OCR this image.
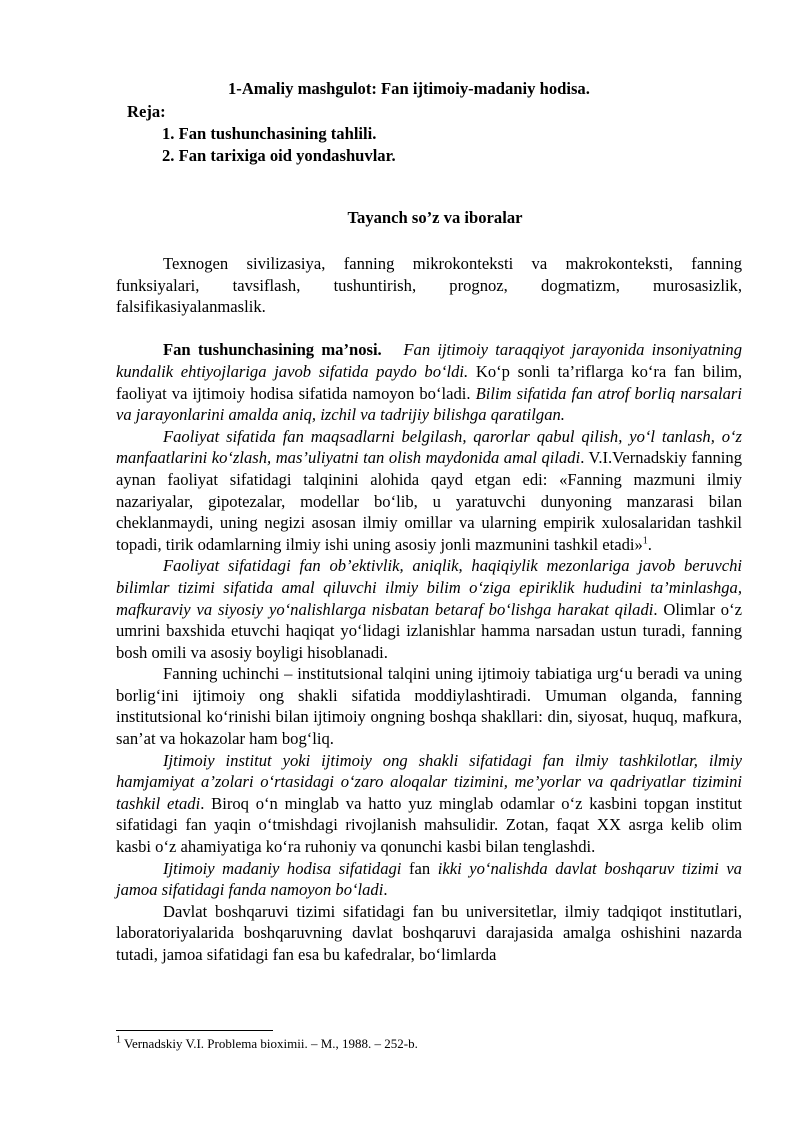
1-Amaliy mashgulot: Fan ijtimoiy-madaniy hodisa.
Reja:
1. Fan tushunchasining tahlili.
2. Fan tarixiga oid yondashuvlar.
Tayanch so’z va iboralar

Texnogen sivilizasiya, fanning mikrokonteksti va makrokonteksti, fanning funksiyalari, tavsiflash, tushuntirish, prognoz, dogmatizm, murosasizlik, falsifikasiyalanmaslik.

Fan tushunchasining ma’nosi. Fan ijtimoiy taraqqiyot jarayonida insoniyatning kundalik ehtiyojlariga javob sifatida paydo bo‘ldi. Ko‘p sonli ta’riflarga ko‘ra fan bilim, faoliyat va ijtimoiy hodisa sifatida namoyon bo‘ladi. Bilim sifatida fan atrof borliq narsalari va jarayonlarini amalda aniq, izchil va tadrijiy bilishga qaratilgan.

Faoliyat sifatida fan maqsadlarni belgilash, qarorlar qabul qilish, yo‘l tanlash, o‘z manfaatlarini ko‘zlash, mas’uliyatni tan olish maydonida amal qiladi. V.I.Vernadskiy fanning aynan faoliyat sifatidagi talqinini alohida qayd etgan edi: «Fanning mazmuni ilmiy nazariyalar, gipotezalar, modellar bo‘lib, u yaratuvchi dunyoning manzarasi bilan cheklanmaydi, uning negizi asosan ilmiy omillar va ularning empirik xulosalaridan tashkil topadi, tirik odamlarning ilmiy ishi uning asosiy jonli mazmunini tashkil etadi»$^1$.

Faoliyat sifatidagi fan ob’ektivlik, aniqlik, haqiqiylik mezonlariga javob beruvchi bilimlar tizimi sifatida amal qiluvchi ilmiy bilim o‘ziga epiriklik hududini ta’minlashga, mafkuraviy va siyosiy yo‘nalishlarga nisbatan betaraf bo‘lishga harakat qiladi. Olimlar o‘z umrini baxshida etuvchi haqiqat yo‘lidagi izlanishlar hamma narsadan ustun turadi, fanning bosh omili va asosiy boyligi hisoblanadi.

Fanning uchinchi – institutsional talqini uning ijtimoiy tabiatiga urg‘u beradi va uning borlig‘ini ijtimoiy ong shakli sifatida moddiylashtiradi. Umuman olganda, fanning institutsional ko‘rinishi bilan ijtimoiy ongning boshqa shakllari: din, siyosat, huquq, mafkura, san’at va hokazolar ham bog‘liq.

Ijtimoiy institut yoki ijtimoiy ong shakli sifatidagi fan ilmiy tashkilotlar, ilmiy hamjamiyat a’zolari o‘rtasidagi o‘zaro aloqalar tizimini, me’yorlar va qadriyatlar tizimini tashkil etadi. Biroq o‘n minglab va hatto yuz minglab odamlar o‘z kasbini topgan institut sifatidagi fan yaqin o‘tmishdagi rivojlanish mahsulidir. Zotan, faqat XX asrga kelib olim kasbi o‘z ahamiyatiga ko‘ra ruhoniy va qonunchi kasbi bilan tenglashdi.

Ijtimoiy madaniy hodisa sifatidagi fan ikki yo‘nalishda davlat boshqaruv tizimi va jamoa sifatidagi fanda namoyon bo‘ladi.

Davlat boshqaruvi tizimi sifatidagi fan bu universitetlar, ilmiy tadqiqot institutlari, laboratoriyalarida boshqaruvning davlat boshqaruvi darajasida amalga oshishini nazarda tutadi, jamoa sifatidagi fan esa bu kafedralar, bo‘limlarda

$^1$ Vernadskiy V.I. Problema bioximii. – M., 1988. – 252-b.
